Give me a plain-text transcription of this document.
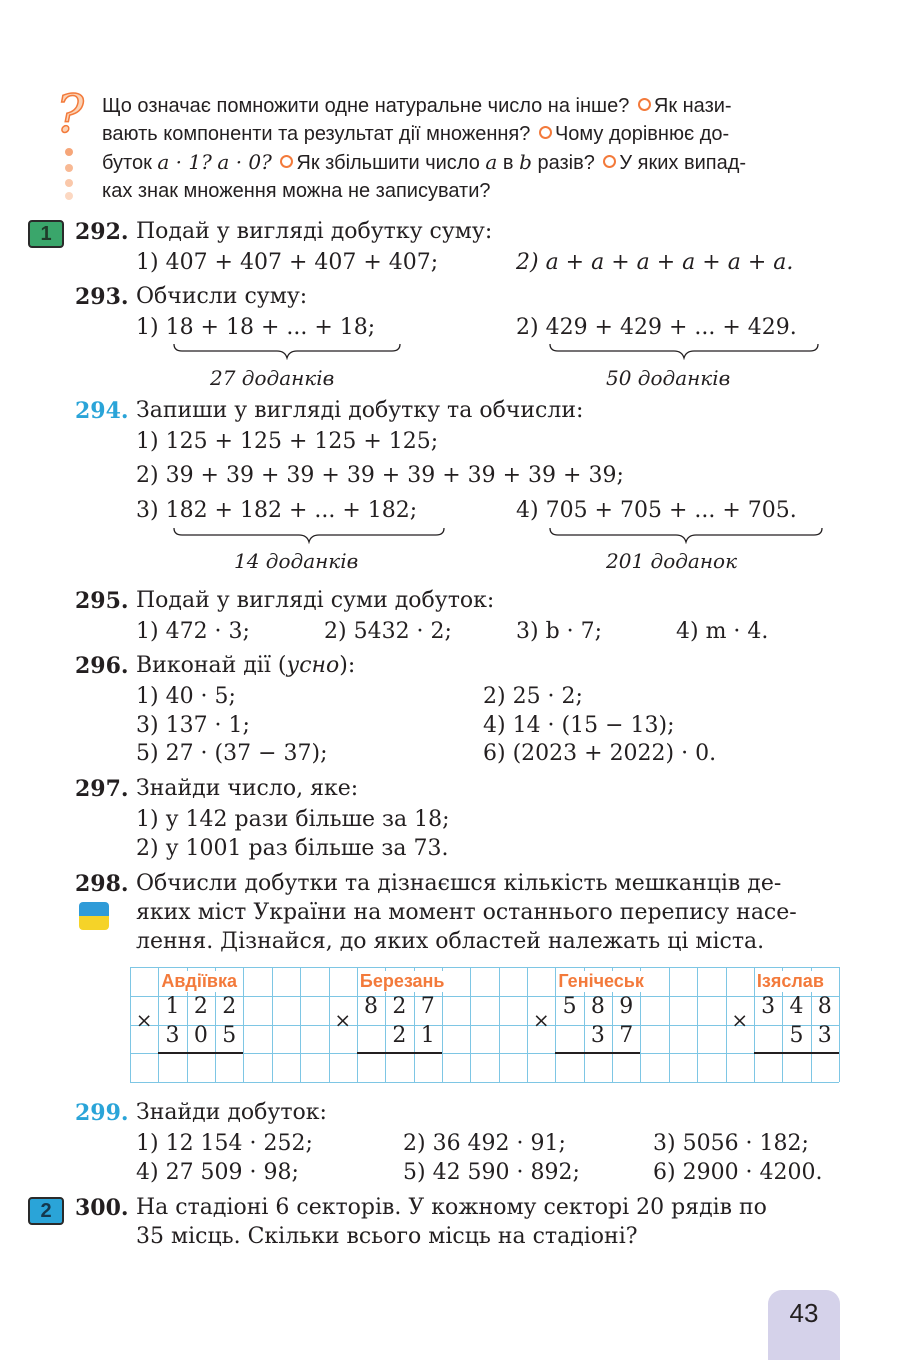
? Що означає помножити одне натуральне число на інше? Як нази-
вають компоненти та результат дії множення? Чому дорівнює до-
буток a · 1? a · 0? Як збільшити число a в b разів? У яких випад-
ках знак множення можна не записувати?
1	292. Подай у вигляді добутку суму:
1) 407 + 407 + 407 + 407;	2) a + a + a + a + a + a.
293. Обчисли суму:
1) 18 + 18 + ... + 18;	2) 429 + 429 + ... + 429.
27 доданків	50 доданків
294. Запиши у вигляді добутку та обчисли:
1) 125 + 125 + 125 + 125;
2) 39 + 39 + 39 + 39 + 39 + 39 + 39 + 39;
3) 182 + 182 + ... + 182;	4) 705 + 705 + ... + 705.
14 доданків	201 доданок
295. Подай у вигляді суми добуток:
1) 472 · 3;	2) 5432 · 2;	3) b · 7;	4) m · 4.
296. Виконай дії (усно):
1) 40 · 5;	2) 25 · 2;
3) 137 · 1;	4) 14 · (15 − 13);
5) 27 · (37 − 37);	6) (2023 + 2022) · 0.
297. Знайди число, яке:
1) у 142 рази більше за 18;
2) у 1001 раз більше за 73.
298. Обчисли добутки та дізнаєшся кількість мешканців де-
яких міст України на момент останнього перепису насе-
лення. Дізнайся, до яких областей належать ці міста.
Авдіївка
×
1 2 2
3 0 5
Березань
×
8 2 7
2 1
Генічеськ
×
5 8 9
3 7
Ізяслав
×
3 4 8
5 3
299. Знайди добуток:
1) 12 154 · 252;	2) 36 492 · 91;	3) 5056 · 182;
4) 27 509 · 98;	5) 42 590 · 892;	6) 2900 · 4200.
2	300. На стадіоні 6 секторів. У кожному секторі 20 рядів по
35 місць. Скільки всього місць на стадіоні?
43
